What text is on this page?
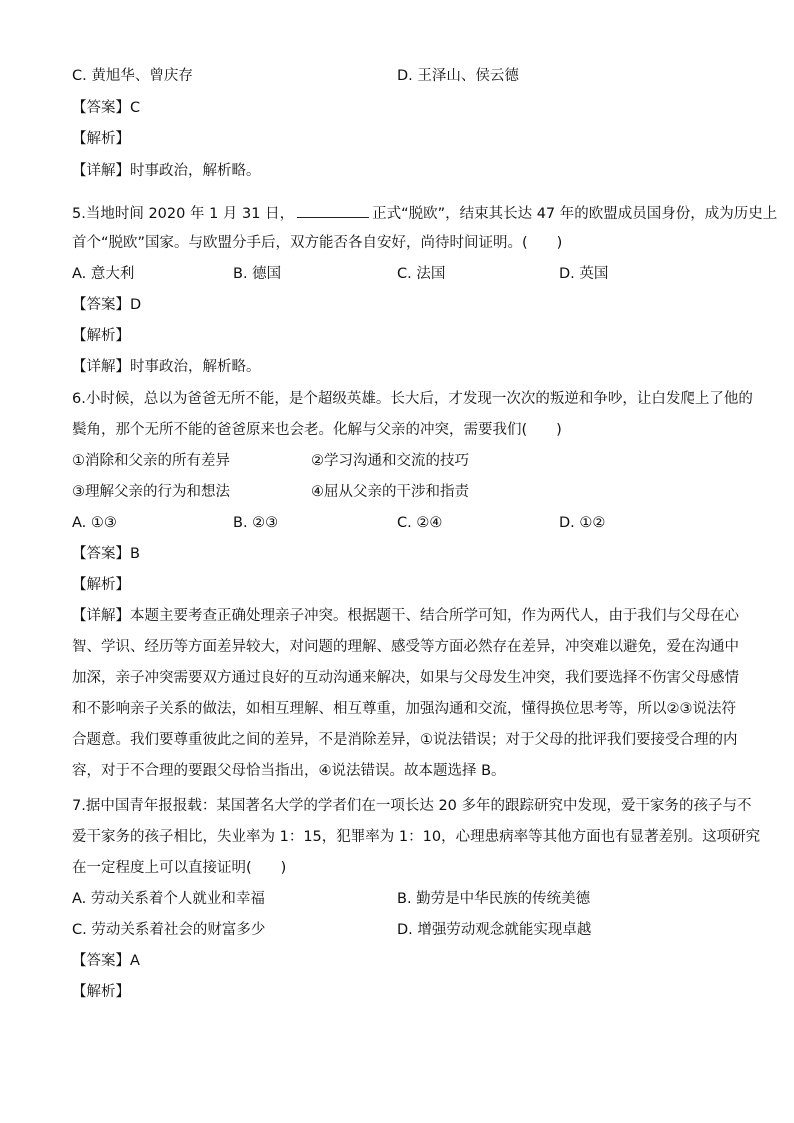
C. 黄旭华、曾庆存	D. 王泽山、侯云德
【 答案 】 C
【 解析 】
【 详解 】 时事政治，解析略。
5.当地时间 2020 年 1 月 31 日，	正式“脱欧”，结束其长达 47 年的欧盟成员国身份，成为历史上
首个“脱欧”国家。与欧盟分手后，双方能否各自安好，尚待时间证明。(　　)
A. 意大利	B. 德国	C. 法国	D. 英国
【 答案 】 D
【 解析 】
【 详解 】 时事政治，解析略。
6.小时候，总以为爸爸无所不能，是个超级英雄。长大后，才发现一次次的叛逆和争吵，让白发爬上了他的
鬓角，那个无所不能的爸爸原来也会老。化解与父亲的冲突，需要我们(　　)
①消除和父亲的所有差异	②学习沟通和交流的技巧
③理解父亲的行为和想法	④屈从父亲的干涉和指责
A. ①③	B. ②③	C. ②④	D. ①②
【 答案 】 B
【 解析 】
【 详解 】 本题主要考查正确处理亲子冲突。根据题干、结合所学可知，作为两代人，由于我们与父母在心
智、学识、经历等方面差异较大，对问题的理解、感受等方面必然存在差异，冲突难以避免，爱在沟通中
加深，亲子冲突需要双方通过良好的互动沟通来解决，如果与父母发生冲突，我们要选择不伤害父母感情
和不影响亲子关系的做法，如相互理解、相互尊重，加强沟通和交流，懂得换位思考等，所以②③说法符
合题意。我们要尊重彼此之间的差异，不是消除差异，①说法错误；对于父母的批评我们要接受合理的内
容，对于不合理的要跟父母恰当指出，④说法错误。故本题选择 B。
7.据中国青年报报载：某国著名大学的学者们在一项长达 20 多年的跟踪研究中发现，爱干家务的孩子与不
爱干家务的孩子相比，失业率为 1：15，犯罪率为 1：10，心理患病率等其他方面也有显著差别。这项研究
在一定程度上可以直接证明(　　)
A. 劳动关系着个人就业和幸福	B. 勤劳是中华民族的传统美德
C. 劳动关系着社会的财富多少	D. 增强劳动观念就能实现卓越
【 答案 】 A
【 解析 】
